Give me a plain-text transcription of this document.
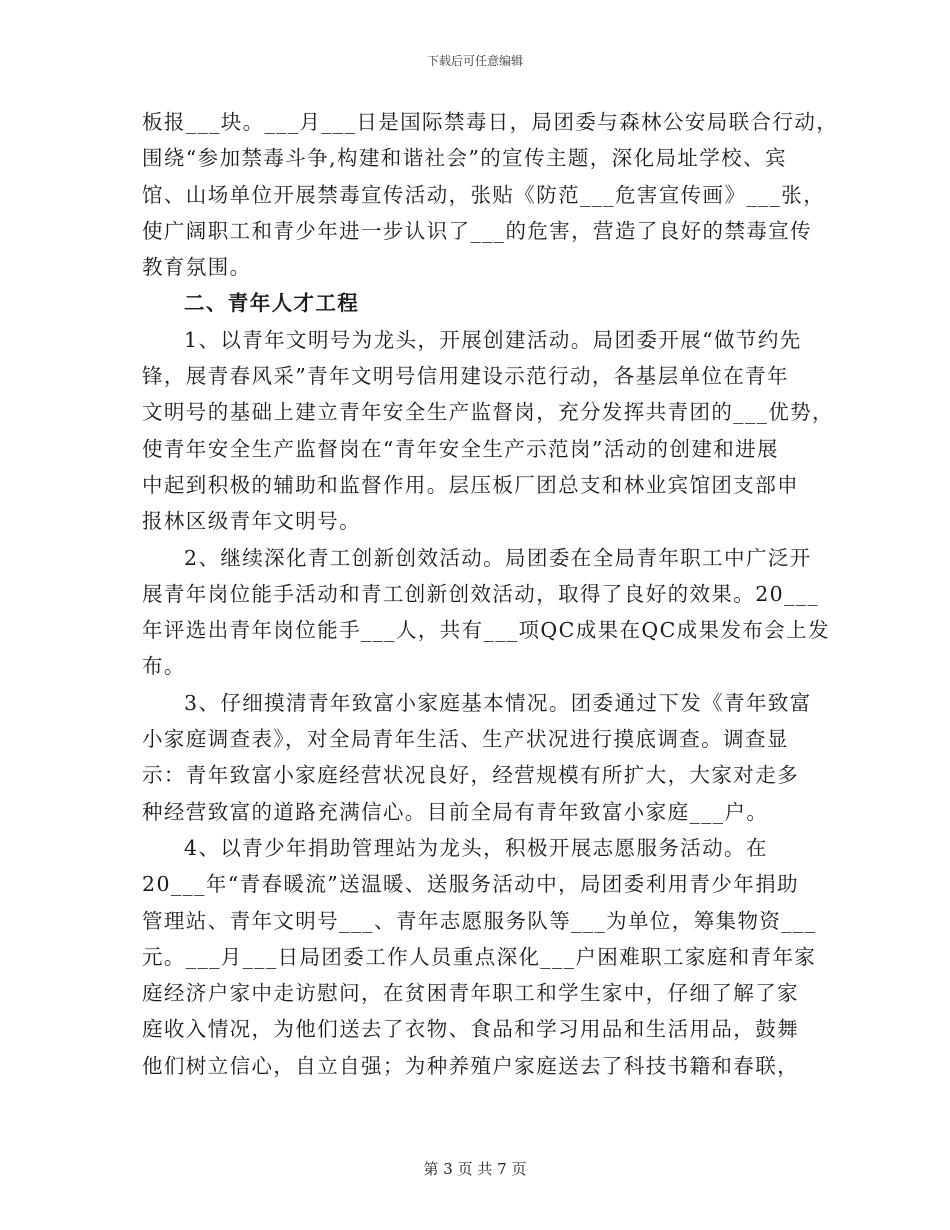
下载后可任意编辑
板报___块。___月___日是国际禁毒日，局团委与森林公安局联合行动，
围绕“参加禁毒斗争,构建和谐社会”的宣传主题，深化局址学校、宾
馆、山场单位开展禁毒宣传活动，张贴《防范___危害宣传画》___张，
使广阔职工和青少年进一步认识了___的危害，营造了良好的禁毒宣传
教育氛围。
二、青年人才工程
1、以青年文明号为龙头，开展创建活动。局团委开展“做节约先
锋，展青春风采”青年文明号信用建设示范行动，各基层单位在青年
文明号的基础上建立青年安全生产监督岗，充分发挥共青团的___优势，
使青年安全生产监督岗在“青年安全生产示范岗”活动的创建和进展
中起到积极的辅助和监督作用。层压板厂团总支和林业宾馆团支部申
报林区级青年文明号。
2、继续深化青工创新创效活动。局团委在全局青年职工中广泛开
展青年岗位能手活动和青工创新创效活动，取得了良好的效果。20___
年评选出青年岗位能手___人，共有___项QC成果在QC成果发布会上发
布。
3、仔细摸清青年致富小家庭基本情况。团委通过下发《青年致富
小家庭调查表》，对全局青年生活、生产状况进行摸底调查。调查显
示：青年致富小家庭经营状况良好，经营规模有所扩大，大家对走多
种经营致富的道路充满信心。目前全局有青年致富小家庭___户。
4、以青少年捐助管理站为龙头，积极开展志愿服务活动。在
20___年“青春暖流”送温暖、送服务活动中，局团委利用青少年捐助
管理站、青年文明号___、青年志愿服务队等___为单位，筹集物资___
元。___月___日局团委工作人员重点深化___户困难职工家庭和青年家
庭经济户家中走访慰问，在贫困青年职工和学生家中，仔细了解了家
庭收入情况，为他们送去了衣物、食品和学习用品和生活用品，鼓舞
他们树立信心，自立自强；为种养殖户家庭送去了科技书籍和春联，
第 3 页 共 7 页
